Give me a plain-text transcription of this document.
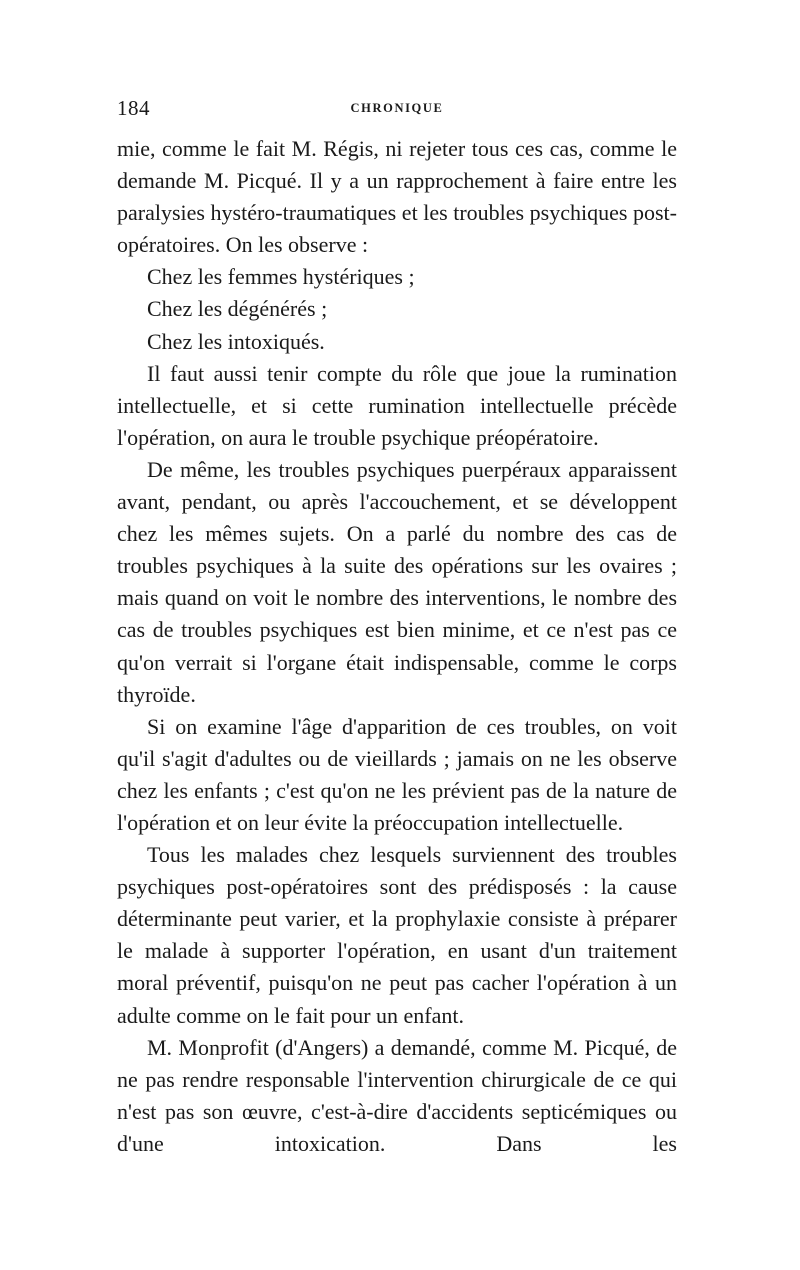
184	CHRONIQUE

mie, comme le fait M. Régis, ni rejeter tous ces cas, comme le demande M. Picqué. Il y a un rapprochement à faire entre les paralysies hystéro-traumatiques et les troubles psychiques post-opératoires. On les observe :

Chez les femmes hystériques ;

Chez les dégénérés ;

Chez les intoxiqués.

Il faut aussi tenir compte du rôle que joue la rumination intellectuelle, et si cette rumination intellectuelle précède l'opération, on aura le trouble psychique préopératoire.

De même, les troubles psychiques puerpéraux apparaissent avant, pendant, ou après l'accouchement, et se développent chez les mêmes sujets. On a parlé du nombre des cas de troubles psychiques à la suite des opérations sur les ovaires ; mais quand on voit le nombre des interventions, le nombre des cas de troubles psychiques est bien minime, et ce n'est pas ce qu'on verrait si l'organe était indispensable, comme le corps thyroïde.

Si on examine l'âge d'apparition de ces troubles, on voit qu'il s'agit d'adultes ou de vieillards ; jamais on ne les observe chez les enfants ; c'est qu'on ne les prévient pas de la nature de l'opération et on leur évite la préoccupation intellectuelle.

Tous les malades chez lesquels surviennent des troubles psychiques post-opératoires sont des prédisposés : la cause déterminante peut varier, et la prophylaxie consiste à préparer le malade à supporter l'opération, en usant d'un traitement moral préventif, puisqu'on ne peut pas cacher l'opération à un adulte comme on le fait pour un enfant.

M. Monprofit (d'Angers) a demandé, comme M. Picqué, de ne pas rendre responsable l'intervention chirurgicale de ce qui n'est pas son œuvre, c'est-à-dire d'accidents septicémiques ou d'une intoxication. Dans les
